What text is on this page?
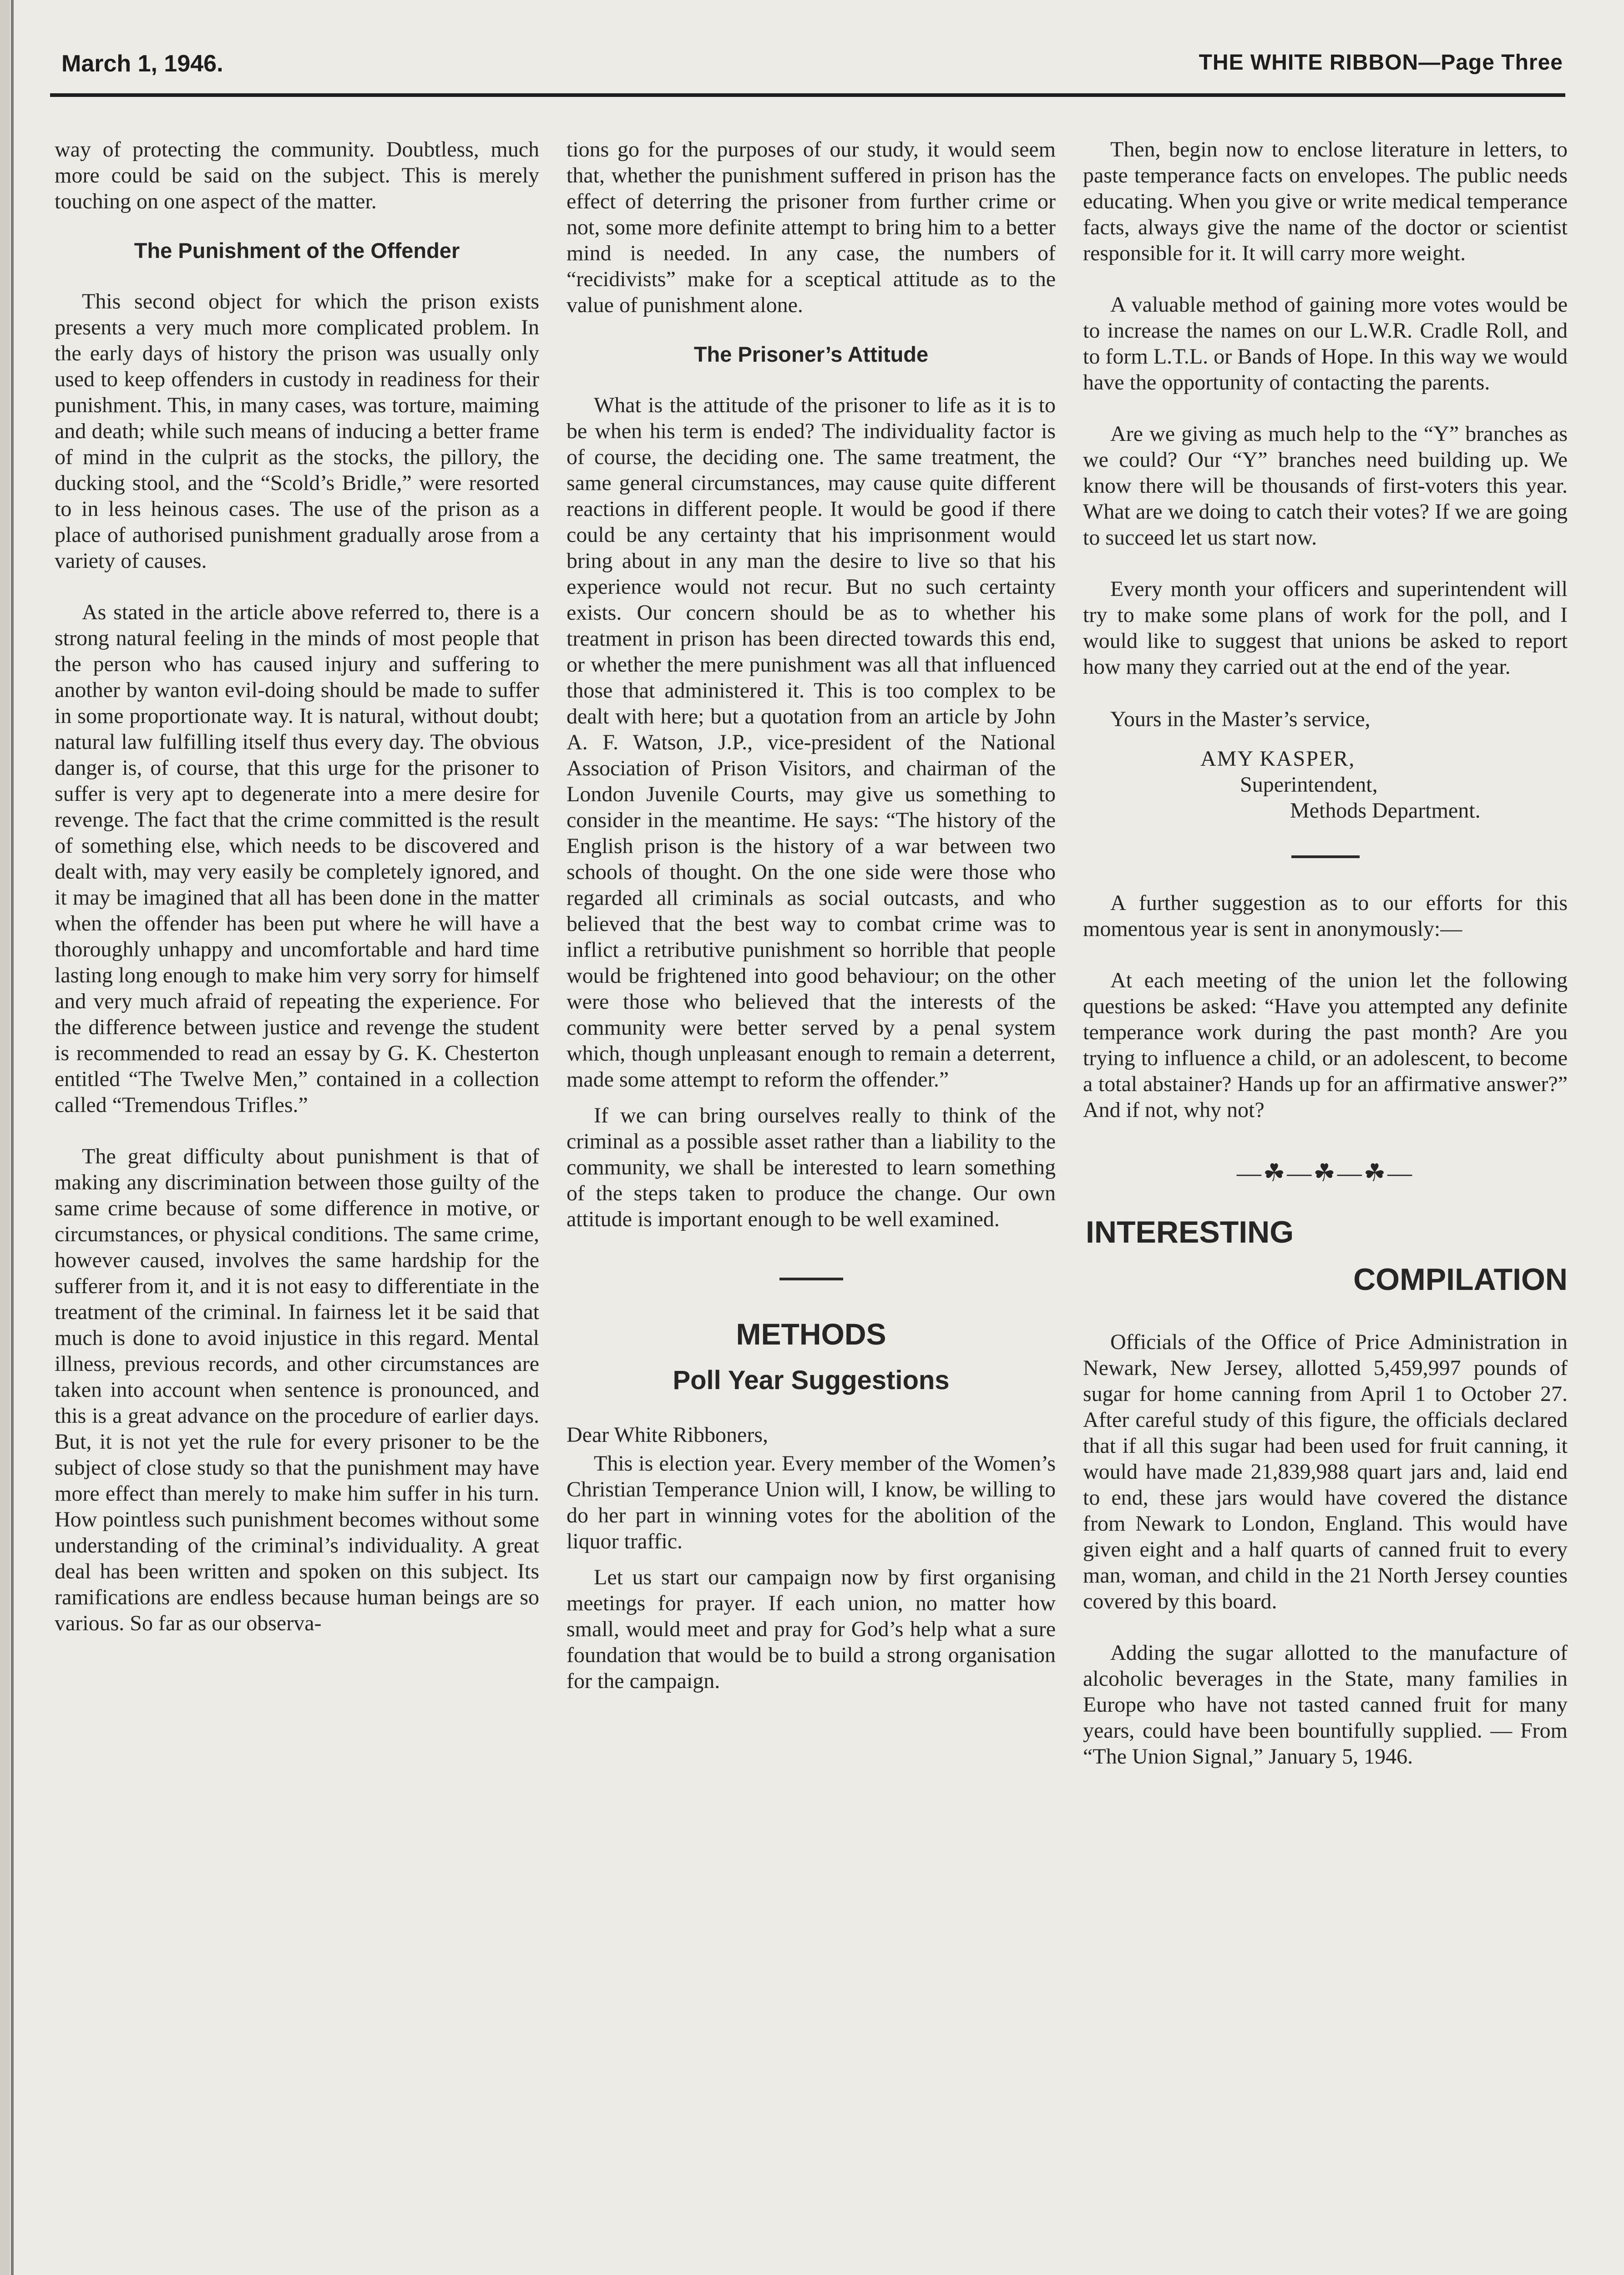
March 1, 1946.	THE WHITE RIBBON—Page Three

way of protecting the community. Doubtless, much more could be said on the subject. This is merely touching on one aspect of the matter.

The Punishment of the Offender

This second object for which the prison exists presents a very much more complicated problem. In the early days of history the prison was usually only used to keep offenders in custody in readiness for their punishment. This, in many cases, was torture, maiming and death; while such means of inducing a better frame of mind in the culprit as the stocks, the pillory, the ducking stool, and the “Scold’s Bridle,” were resorted to in less heinous cases. The use of the prison as a place of authorised punishment gradually arose from a variety of causes.

As stated in the article above referred to, there is a strong natural feeling in the minds of most people that the person who has caused injury and suffering to another by wanton evil-doing should be made to suffer in some proportionate way. It is natural, without doubt; natural law fulfilling itself thus every day. The obvious danger is, of course, that this urge for the prisoner to suffer is very apt to degenerate into a mere desire for revenge. The fact that the crime committed is the result of something else, which needs to be discovered and dealt with, may very easily be completely ignored, and it may be imagined that all has been done in the matter when the offender has been put where he will have a thoroughly unhappy and uncomfortable and hard time lasting long enough to make him very sorry for himself and very much afraid of repeating the experience. For the difference between justice and revenge the student is recommended to read an essay by G. K. Chesterton entitled “The Twelve Men,” contained in a collection called “Tremendous Trifles.”

The great difficulty about punishment is that of making any discrimination between those guilty of the same crime because of some difference in motive, or circumstances, or physical conditions. The same crime, however caused, involves the same hardship for the sufferer from it, and it is not easy to differentiate in the treatment of the criminal. In fairness let it be said that much is done to avoid injustice in this regard. Mental illness, previous records, and other circumstances are taken into account when sentence is pronounced, and this is a great advance on the procedure of earlier days. But, it is not yet the rule for every prisoner to be the subject of close study so that the punishment may have more effect than merely to make him suffer in his turn. How pointless such punishment becomes without some understanding of the criminal’s individuality. A great deal has been written and spoken on this subject. Its ramifications are endless because human beings are so various. So far as our observa-

tions go for the purposes of our study, it would seem that, whether the punishment suffered in prison has the effect of deterring the prisoner from further crime or not, some more definite attempt to bring him to a better mind is needed. In any case, the numbers of “recidivists” make for a sceptical attitude as to the value of punishment alone.

The Prisoner’s Attitude

What is the attitude of the prisoner to life as it is to be when his term is ended? The individuality factor is of course, the deciding one. The same treatment, the same general circumstances, may cause quite different reactions in different people. It would be good if there could be any certainty that his imprisonment would bring about in any man the desire to live so that his experience would not recur. But no such certainty exists. Our concern should be as to whether his treatment in prison has been directed towards this end, or whether the mere punishment was all that influenced those that administered it. This is too complex to be dealt with here; but a quotation from an article by John A. F. Watson, J.P., vice-president of the National Association of Prison Visitors, and chairman of the London Juvenile Courts, may give us something to consider in the meantime. He says: “The history of the English prison is the history of a war between two schools of thought. On the one side were those who regarded all criminals as social outcasts, and who believed that the best way to combat crime was to inflict a retributive punishment so horrible that people would be frightened into good behaviour; on the other were those who believed that the interests of the community were better served by a penal system which, though unpleasant enough to remain a deterrent, made some attempt to reform the offender.”

If we can bring ourselves really to think of the criminal as a possible asset rather than a liability to the community, we shall be interested to learn something of the steps taken to produce the change. Our own attitude is important enough to be well examined.

METHODS
Poll Year Suggestions
Dear White Ribboners,

This is election year. Every member of the Women’s Christian Temperance Union will, I know, be willing to do her part in winning votes for the abolition of the liquor traffic.

Let us start our campaign now by first organising meetings for prayer. If each union, no matter how small, would meet and pray for God’s help what a sure foundation that would be to build a strong organisation for the campaign.

Then, begin now to enclose literature in letters, to paste temperance facts on envelopes. The public needs educating. When you give or write medical temperance facts, always give the name of the doctor or scientist responsible for it. It will carry more weight.

A valuable method of gaining more votes would be to increase the names on our L.W.R. Cradle Roll, and to form L.T.L. or Bands of Hope. In this way we would have the opportunity of contacting the parents.

Are we giving as much help to the “Y” branches as we could? Our “Y” branches need building up. We know there will be thousands of first-voters this year. What are we doing to catch their votes? If we are going to succeed let us start now.

Every month your officers and superintendent will try to make some plans of work for the poll, and I would like to suggest that unions be asked to report how many they carried out at the end of the year.

Yours in the Master’s service,
AMY KASPER,
Superintendent,
Methods Department.

A further suggestion as to our efforts for this momentous year is sent in anonymously:—

At each meeting of the union let the following questions be asked: “Have you attempted any definite temperance work during the past month? Are you trying to influence a child, or an adolescent, to become a total abstainer? Hands up for an affirmative answer?” And if not, why not?

—☘—☘—☘—
INTERESTING
COMPILATION

Officials of the Office of Price Administration in Newark, New Jersey, allotted 5,459,997 pounds of sugar for home canning from April 1 to October 27. After careful study of this figure, the officials declared that if all this sugar had been used for fruit canning, it would have made 21,839,988 quart jars and, laid end to end, these jars would have covered the distance from Newark to London, England. This would have given eight and a half quarts of canned fruit to every man, woman, and child in the 21 North Jersey counties covered by this board.

Adding the sugar allotted to the manufacture of alcoholic beverages in the State, many families in Europe who have not tasted canned fruit for many years, could have been bountifully supplied. — From “The Union Signal,” January 5, 1946.
